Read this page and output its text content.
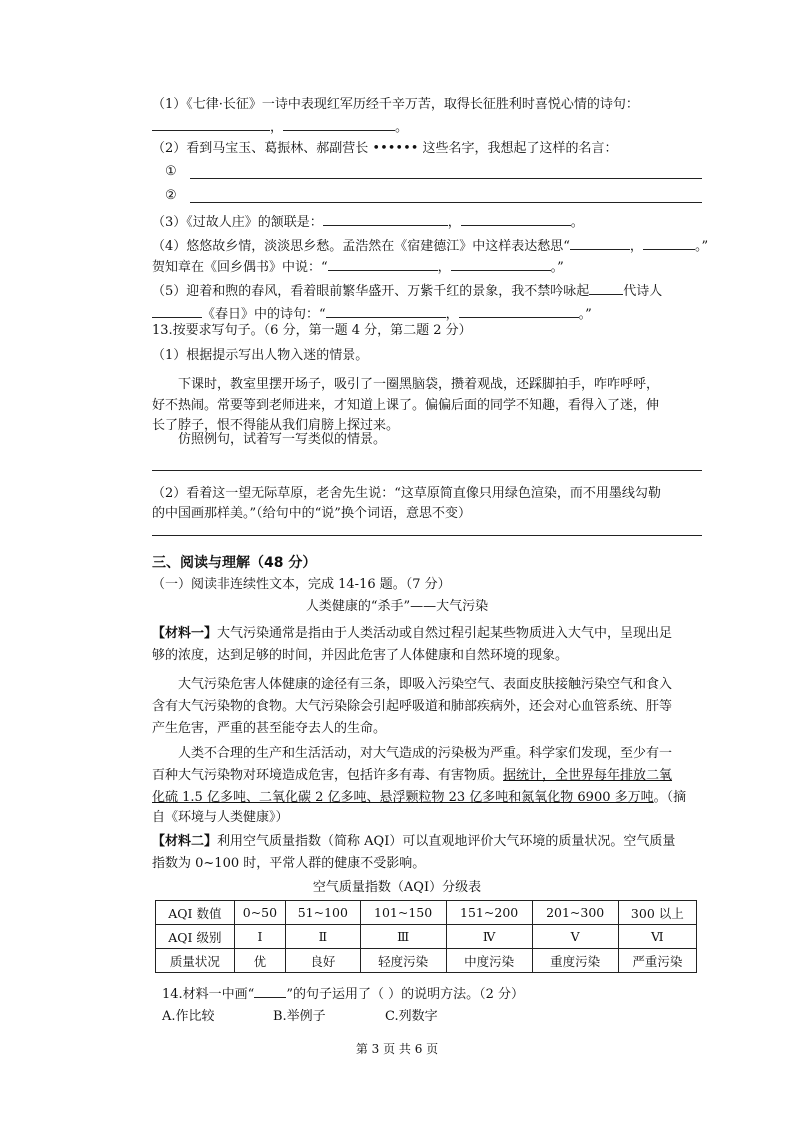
（1）《七律·长征》一诗中表现红军历经千辛万苦，取得长征胜利时喜悦心情的诗句：
，	。
（2）看到马宝玉、葛振林、郝副营长 •••••• 这些名字，我想起了这样的名言：
①
②
（3）《过故人庄》的颔联是：	，	。
（4）悠悠故乡情，淡淡思乡愁。孟浩然在《宿建德江》中这样表达愁思“	，	。”
贺知章在《回乡偶书》中说：“	，	。”
（5）迎着和煦的春风，看着眼前繁华盛开、万紫千红的景象，我不禁吟咏起	代诗人
《春日》中的诗句：“	，	。”
13.按要求写句子。（6 分，第一题 4 分，第二题 2 分）
（1）根据提示写出人物入迷的情景。
下课时，教室里摆开场子，吸引了一圈黑脑袋，攒着观战，还踩脚拍手，咋咋呼呼，
好不热闹。常要等到老师进来，才知道上课了。偏偏后面的同学不知趣，看得入了迷，伸
长了脖子，恨不得能从我们肩膀上探过来。
仿照例句，试着写一写类似的情景。
（2）看着这一望无际草原，老舍先生说：“这草原简直像只用绿色渲染，而不用墨线勾勒
的中国画那样美。”（给句中的“说”换个词语，意思不变）
三、阅读与理解（48 分）
（一）阅读非连续性文本，完成 14-16 题。（7 分）
人类健康的“杀手”——大气污染
【材料一】大气污染通常是指由于人类活动或自然过程引起某些物质进入大气中，呈现出足
够的浓度，达到足够的时间，并因此危害了人体健康和自然环境的现象。
大气污染危害人体健康的途径有三条，即吸入污染空气、表面皮肤接触污染空气和食入
含有大气污染物的食物。大气污染除会引起呼吸道和肺部疾病外，还会对心血管系统、肝等
产生危害，严重的甚至能夺去人的生命。
人类不合理的生产和生活活动，对大气造成的污染极为严重。科学家们发现，至少有一
百种大气污染物对环境造成危害，包括许多有毒、有害物质。据统计，全世界每年排放二氧
化硫 1.5 亿多吨、二氧化碳 2 亿多吨、悬浮颗粒物 23 亿多吨和氮氧化物 6900 多万吨。（摘
自《环境与人类健康》）
【材料二】利用空气质量指数（简称 AQI）可以直观地评价大气环境的质量状况。空气质量
指数为 0~100 时，平常人群的健康不受影响。
空气质量指数（AQI）分级表
AQI 数值	0~50	51~100	101~150	151~200	201~300	300 以上
AQI 级别	Ⅰ	Ⅱ	Ⅲ	Ⅳ	Ⅴ	Ⅵ
质量状况	优	良好	轻度污染	中度污染	重度污染	严重污染
14.材料一中画“ ”的句子运用了（ ）的说明方法。（2 分）
A.作比较	B.举例子	C.列数字
第 3 页 共 6 页
